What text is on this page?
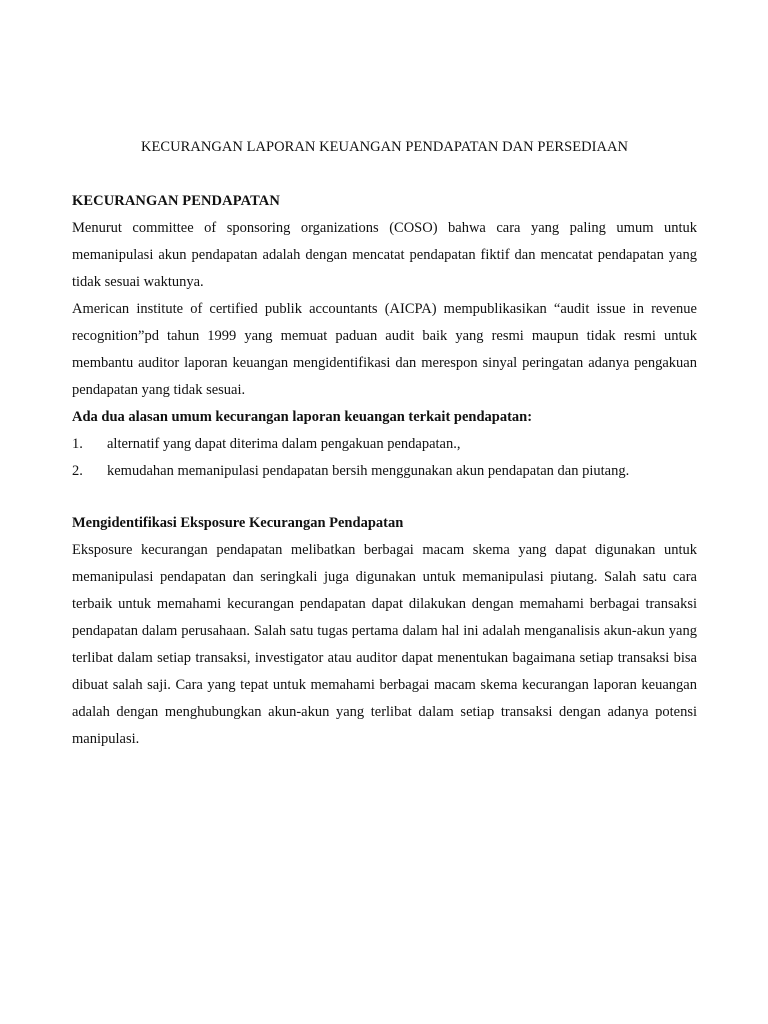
KECURANGAN LAPORAN KEUANGAN PENDAPATAN DAN PERSEDIAAN
KECURANGAN PENDAPATAN

Menurut committee of sponsoring organizations (COSO) bahwa cara yang paling umum untuk memanipulasi akun pendapatan adalah dengan mencatat pendapatan fiktif dan mencatat pendapatan yang tidak sesuai waktunya.

American institute of certified publik accountants (AICPA) mempublikasikan “audit issue in revenue recognition”pd tahun 1999 yang memuat paduan audit baik yang resmi maupun tidak resmi untuk membantu auditor laporan keuangan mengidentifikasi dan merespon sinyal peringatan adanya pengakuan pendapatan yang tidak sesuai.

Ada dua alasan umum kecurangan laporan keuangan terkait pendapatan:
1.	alternatif yang dapat diterima dalam pengakuan pendapatan.,
2.	kemudahan memanipulasi pendapatan bersih menggunakan akun pendapatan dan piutang.
Mengidentifikasi Eksposure Kecurangan Pendapatan

Eksposure kecurangan pendapatan melibatkan berbagai macam skema yang dapat digunakan untuk memanipulasi pendapatan dan seringkali juga digunakan untuk memanipulasi piutang. Salah satu cara terbaik untuk memahami kecurangan pendapatan dapat dilakukan dengan memahami berbagai transaksi pendapatan dalam perusahaan. Salah satu tugas pertama dalam hal ini adalah menganalisis akun-akun yang terlibat dalam setiap transaksi, investigator atau auditor dapat menentukan bagaimana setiap transaksi bisa dibuat salah saji. Cara yang tepat untuk memahami berbagai macam skema kecurangan laporan keuangan adalah dengan menghubungkan akun-akun yang terlibat dalam setiap transaksi dengan adanya potensi manipulasi.
